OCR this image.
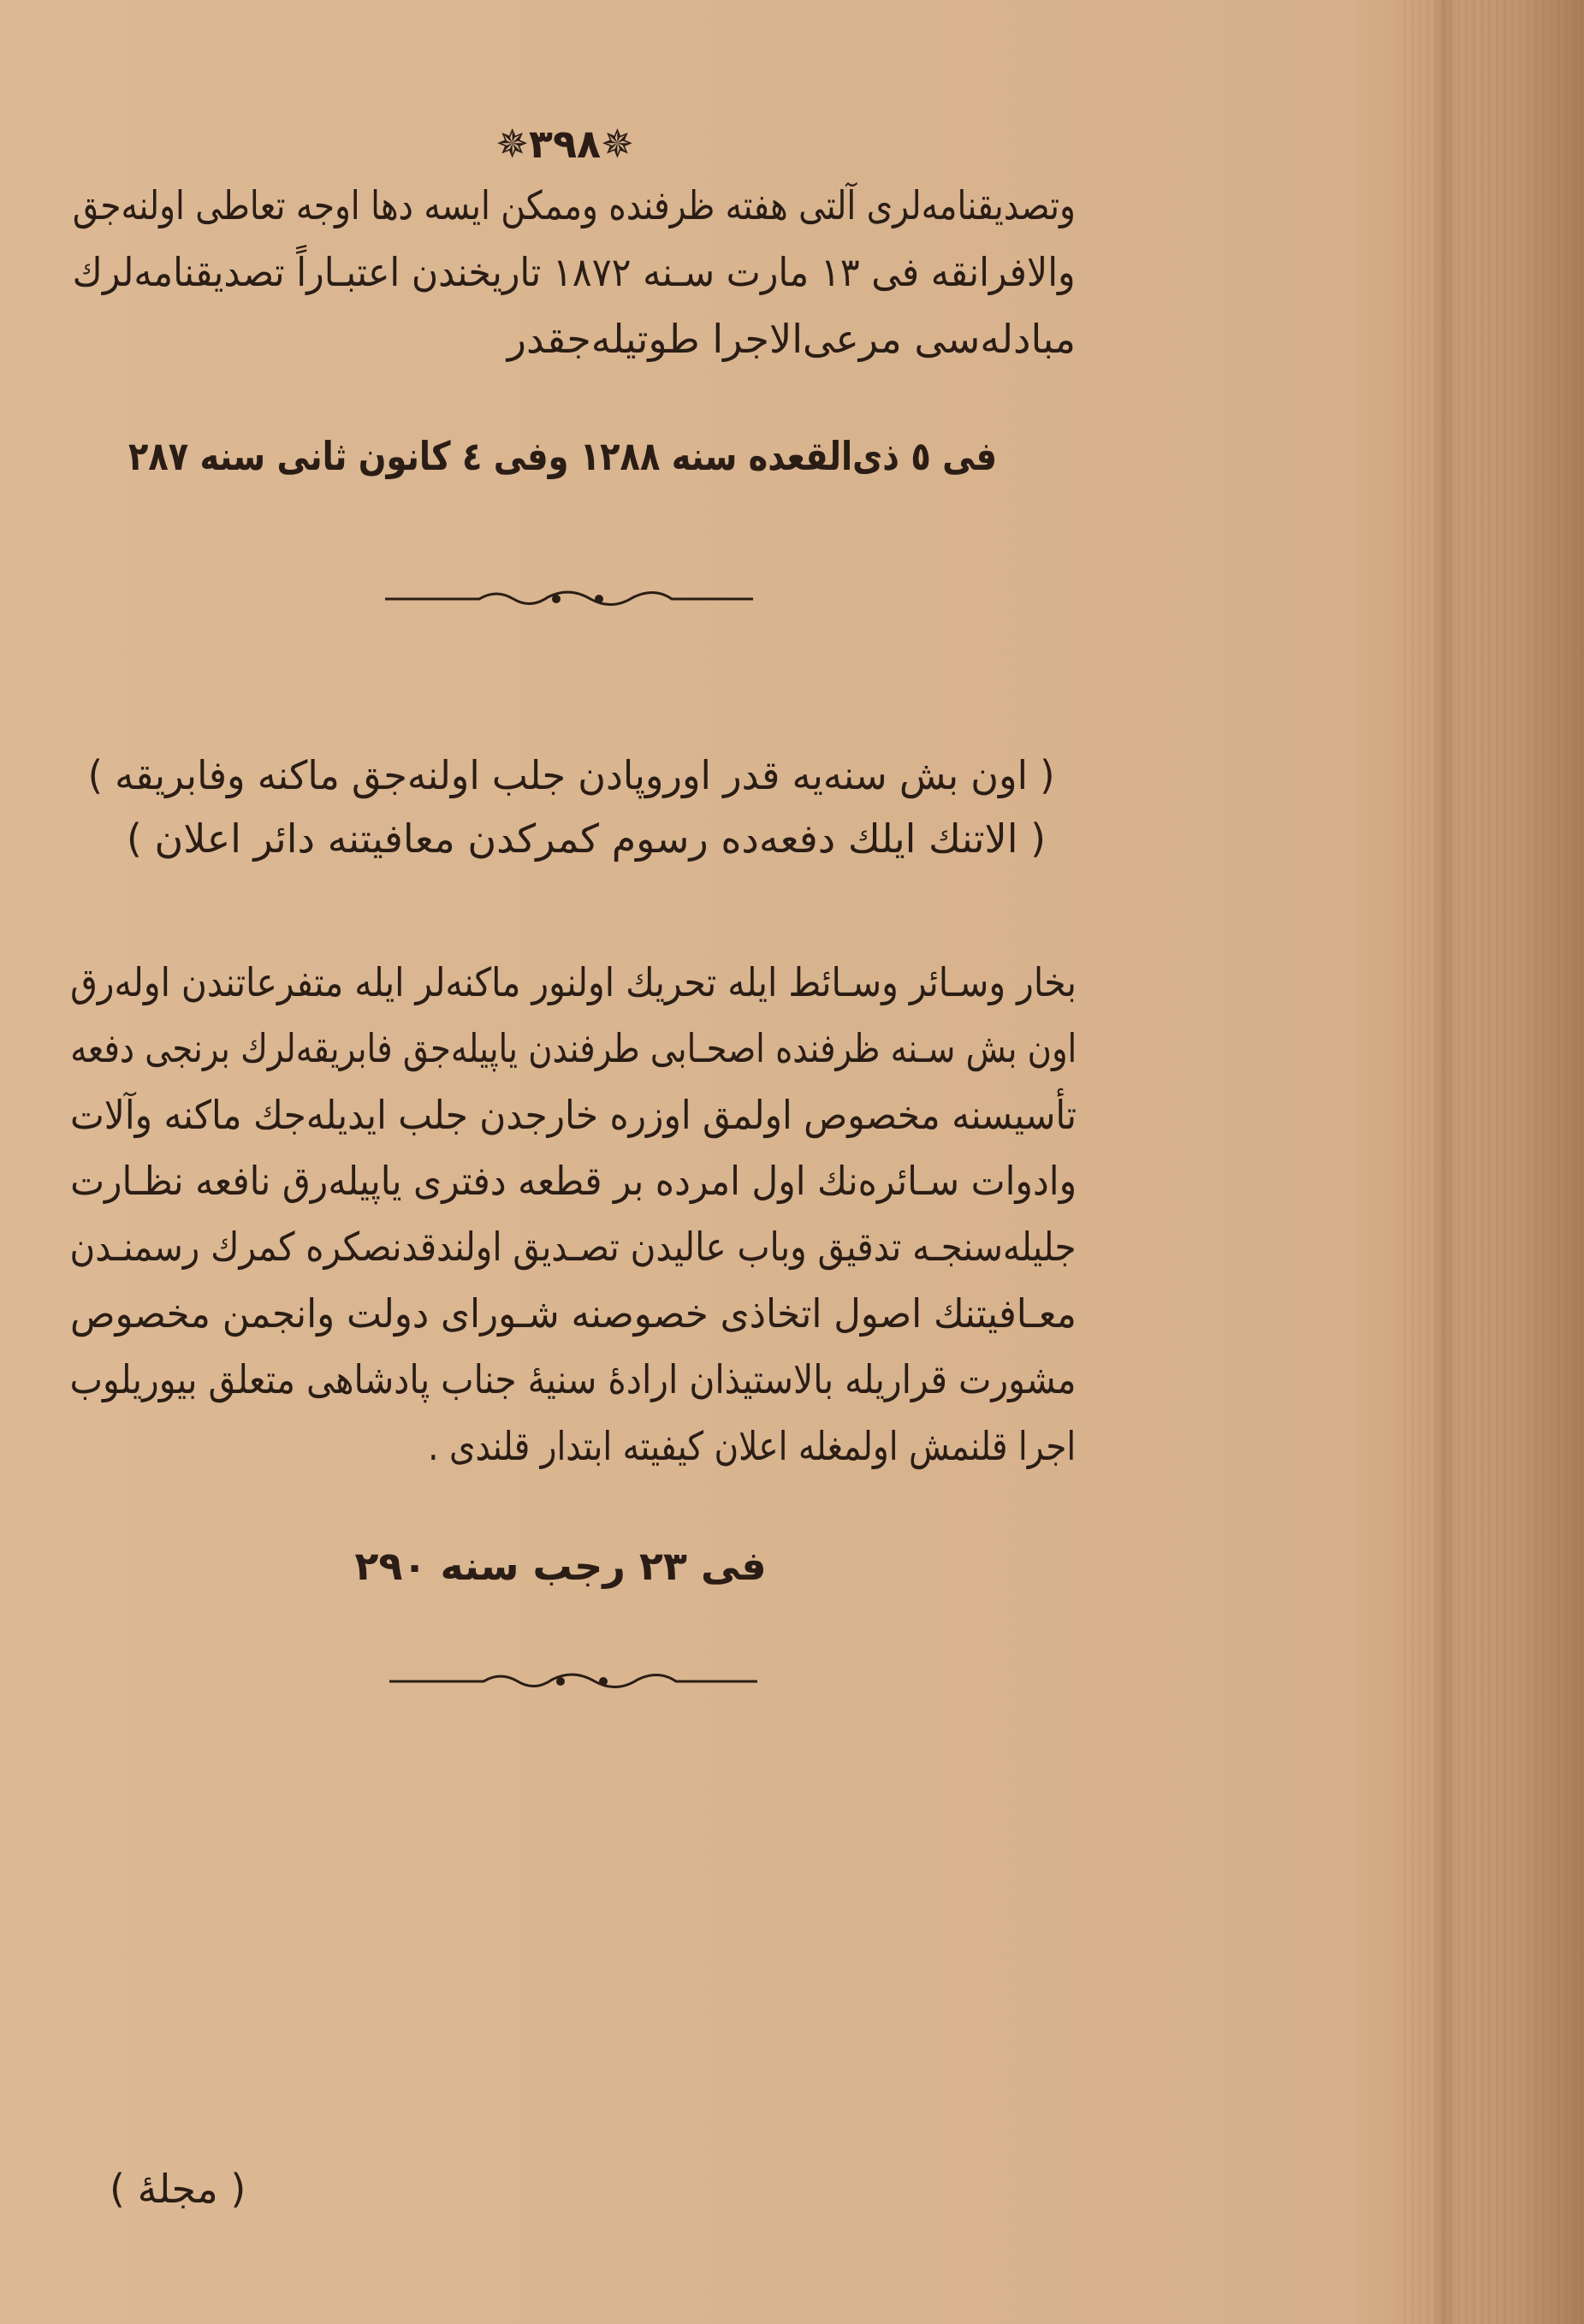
✵۳۹۸✵
وتصدیقنامه‌لری آلتی هفته ظرفنده وممکن ایسه دها اوجه تعاطی اولنه‌جق
والافرانقه فی ۱۳ مارت سـنه ۱۸۷۲ تاریخندن اعتبـاراً تصدیقنامه‌لرك
مبادله‌سی مرعی‌الاجرا طوتیله‌جقدر
فی ٥ ذی‌القعده سنه ۱۲۸۸ وفی ٤ کانون ثانی سنه ۲۸۷
( اون بش سنه‌یه قدر اوروپادن جلب اولنه‌جق ماکنه وفابریقه )
( الاتنك ایلك دفعه‌ده رسوم کمرکدن معافیتنه دائر اعلان )
بخار وسـائر وسـائط ایله تحریك اولنور ماکنه‌لر ایله متفرعاتندن اوله‌رق
اون بش سـنه ظرفنده اصحـابی طرفندن یاپیله‌جق فابریقه‌لرك برنجی دفعه
تأسیسنه مخصوص اولمق اوزره خارجدن جلب ایدیله‌جك ماکنه وآلات
وادوات سـائره‌نك اول امرده بر قطعه دفتری یاپیله‌رق نافعه نظـارت
جلیله‌سنجـه تدقیق وباب عالیدن تصـدیق اولندقدنصکره کمرك رسمنـدن
معـافیتنك اصول اتخاذی خصوصنه شـورای دولت وانجمن مخصوص
مشورت قراریله بالاستیذان ارادهٔ سنیهٔ جناب پادشاهی متعلق بیوریلوب
اجرا قلنمش اولمغله اعلان کیفیته ابتدار قلندی .
فی ۲۳ رجب سنه ۲۹۰
( مجلهٔ )
